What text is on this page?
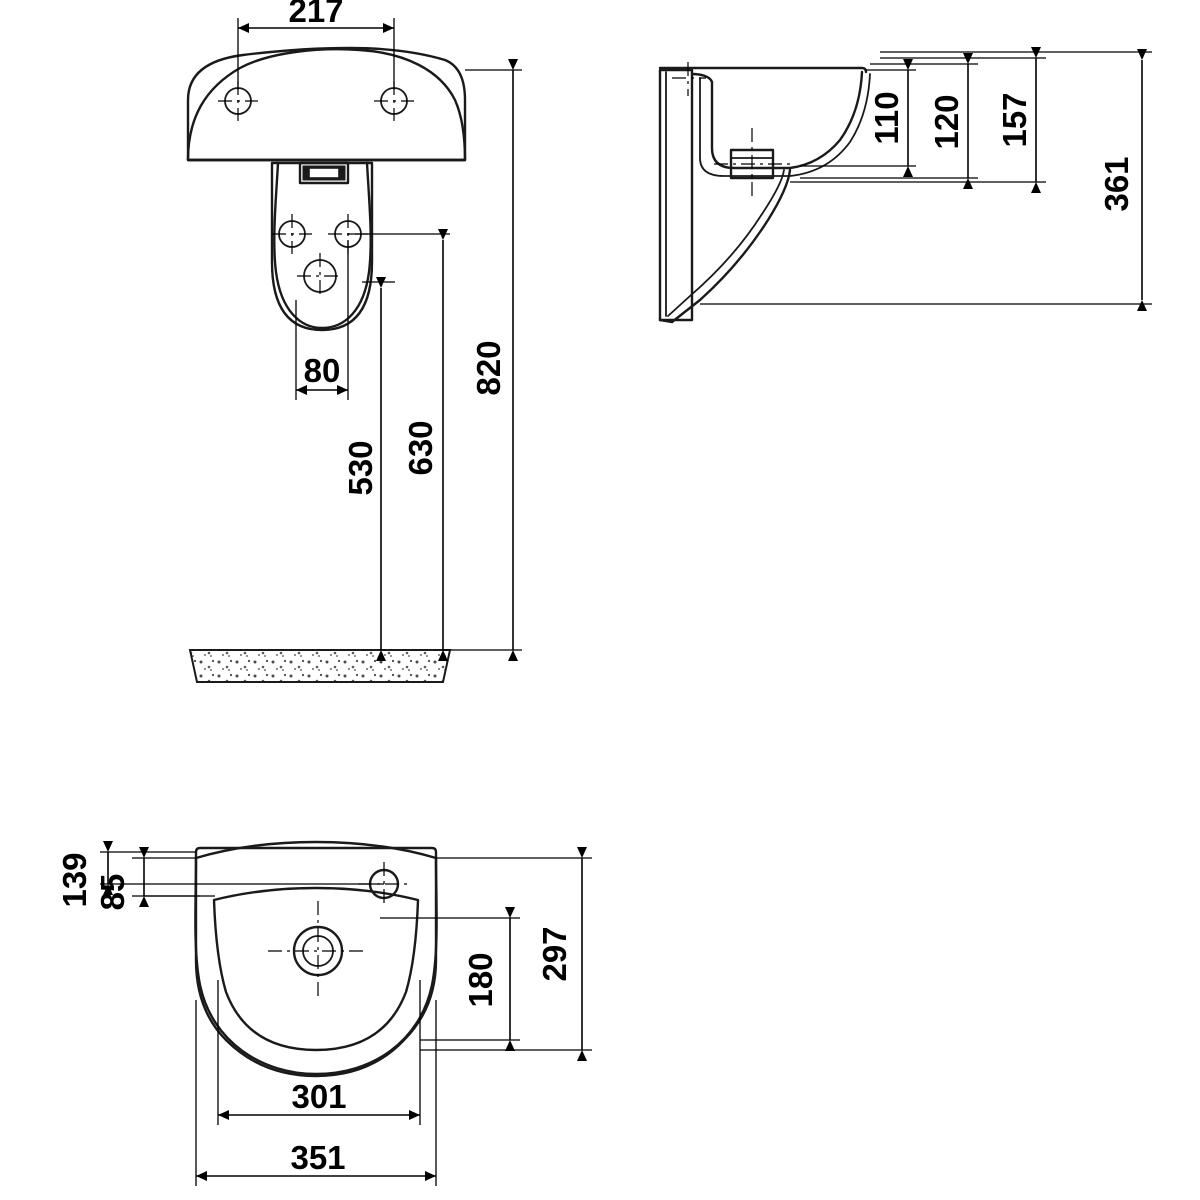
217
80
530 630
820
110 120 157
361
139 85
180 297
301
351
